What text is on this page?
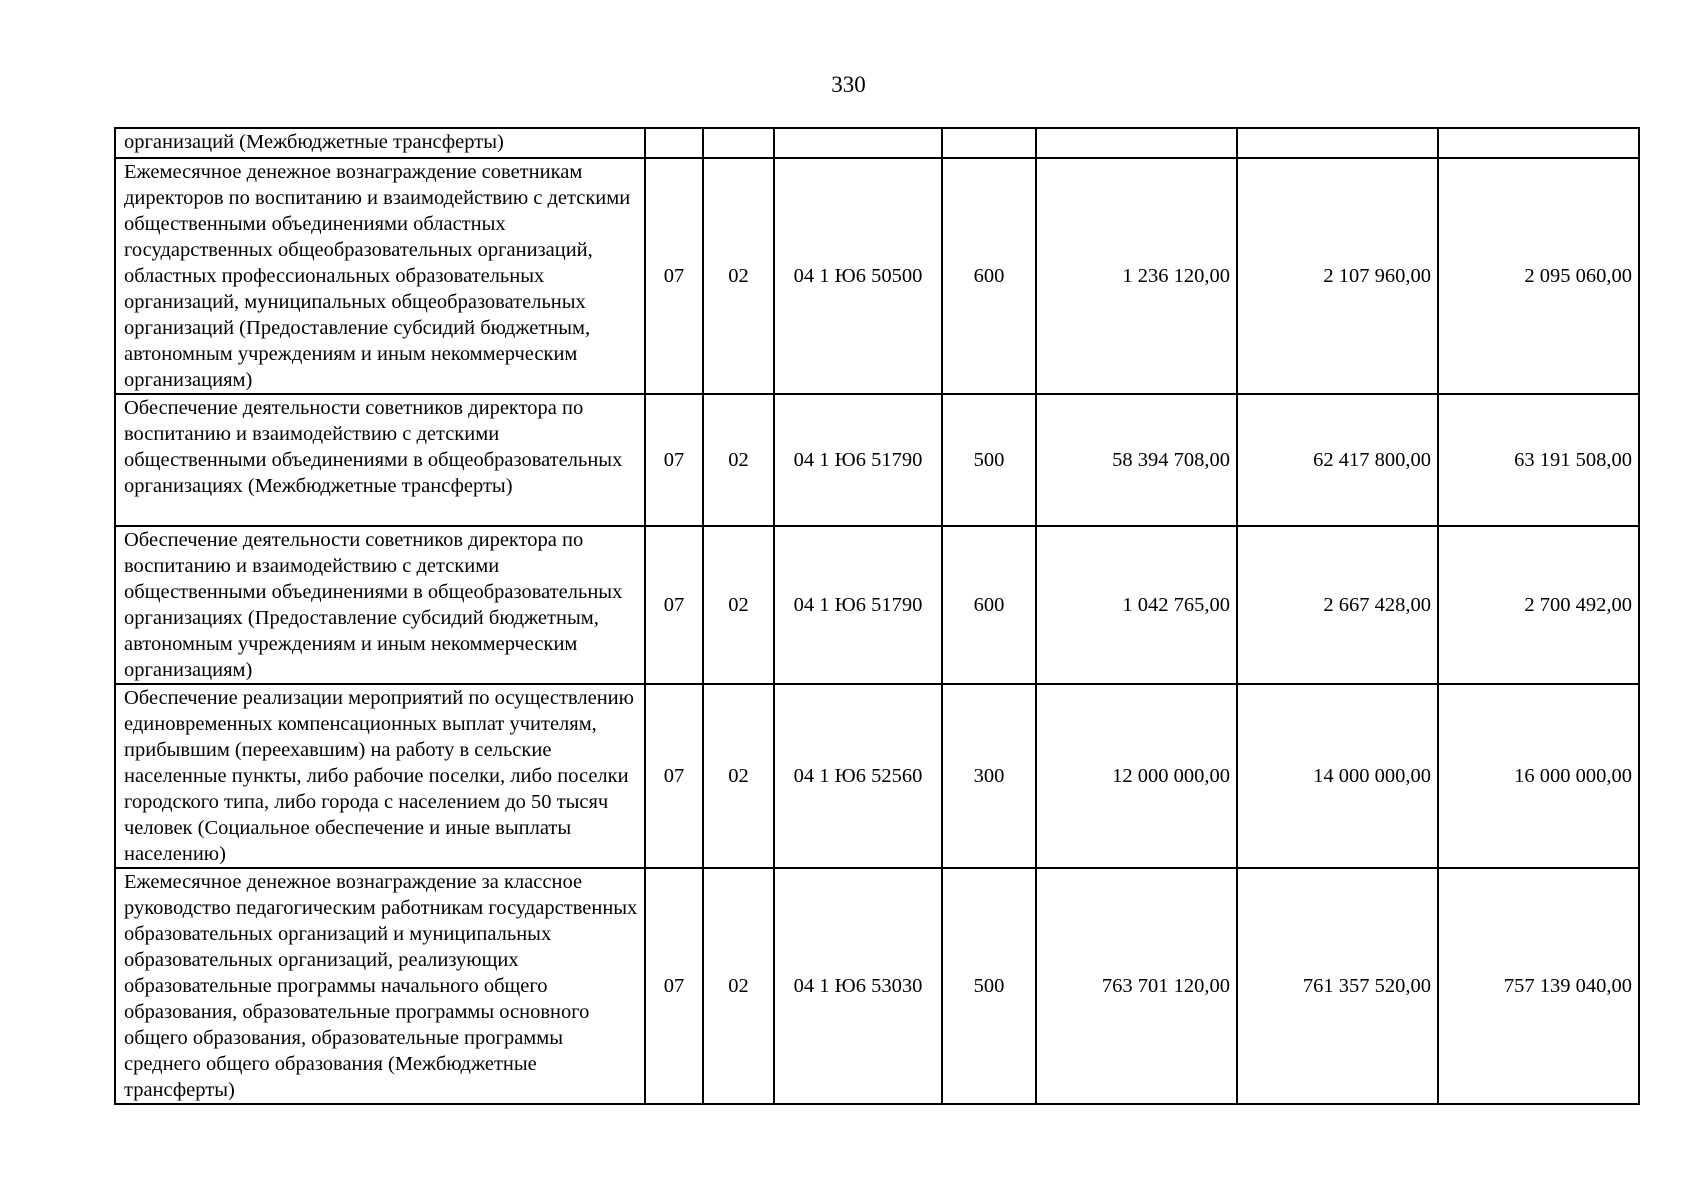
330
организаций (Межбюджетные трансферты)							
Ежемесячное денежное вознаграждение советникам директоров по воспитанию и взаимодействию с детскими общественными объединениями областных государственных общеобразовательных организаций, областных профессиональных образовательных организаций, муниципальных общеобразовательных организаций (Предоставление субсидий бюджетным, автономным учреждениям и иным некоммерческим организациям)	07	02	04 1 Ю6 50500	600	1 236 120,00	2 107 960,00	2 095 060,00
Обеспечение деятельности советников директора по воспитанию и взаимодействию с детскими общественными объединениями в общеобразовательных организациях (Межбюджетные трансферты)	07	02	04 1 Ю6 51790	500	58 394 708,00	62 417 800,00	63 191 508,00
Обеспечение деятельности советников директора по воспитанию и взаимодействию с детскими общественными объединениями в общеобразовательных организациях (Предоставление субсидий бюджетным, автономным учреждениям и иным некоммерческим организациям)	07	02	04 1 Ю6 51790	600	1 042 765,00	2 667 428,00	2 700 492,00
Обеспечение реализации мероприятий по осуществлению единовременных компенсационных выплат учителям, прибывшим (переехавшим) на работу в сельские населенные пункты, либо рабочие поселки, либо поселки городского типа, либо города с населением до 50 тысяч человек (Социальное обеспечение и иные выплаты населению)	07	02	04 1 Ю6 52560	300	12 000 000,00	14 000 000,00	16 000 000,00
Ежемесячное денежное вознаграждение за классное руководство педагогическим работникам государственных образовательных организаций и муниципальных образовательных организаций, реализующих образовательные программы начального общего образования, образовательные программы основного общего образования, образовательные программы среднего общего образования (Межбюджетные трансферты)	07	02	04 1 Ю6 53030	500	763 701 120,00	761 357 520,00	757 139 040,00
